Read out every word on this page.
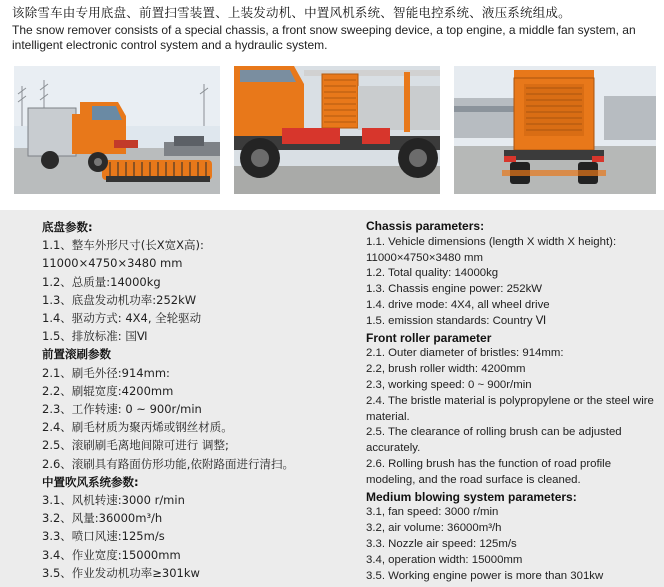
该除雪车由专用底盘、前置扫雪装置、上装发动机、中置风机系统、智能电控系统、液压系统组成。
The snow remover consists of a special chassis, a front snow sweeping device, a top engine, a middle fan system, an intelligent electronic control system and a hydraulic system.
底盘参数:
1.1、整车外形尺寸(长X宽X高):
11000×4750×3480 mm
1.2、总质量:14000kg
1.3、底盘发动机功率:252kW
1.4、驱动方式: 4X4, 全轮驱动
1.5、排放标准: 国Ⅵ
前置滚刷参数
2.1、刷毛外径:914mm:
2.2、刷辊宽度:4200mm
2.3、工作转速: 0 ~ 900r/min
2.4、刷毛材质为聚丙烯或钢丝材质。
2.5、滚刷刷毛离地间隙可进行 调整;
2.6、滚刷具有路面仿形功能,依附路面进行清扫。
中置吹风系统参数:
3.1、风机转速:3000 r/min
3.2、风量:36000m³/h
3.3、喷口风速:125m/s
3.4、作业宽度:15000mm
3.5、作业发动机功率≥301kw
Chassis parameters:
1.1. Vehicle dimensions (length X width X height):
11000×4750×3480 mm
1.2. Total quality: 14000kg
1.3. Chassis engine power: 252kW
1.4. drive mode: 4X4, all wheel drive
1.5. emission standards: Country Ⅵ
Front roller parameter
2.1. Outer diameter of bristles: 914mm:
2.2, brush roller width: 4200mm
2.3, working speed: 0 ~ 900r/min
2.4. The bristle material is polypropylene or the steel wire material.
2.5. The clearance of rolling brush can be adjusted accurately.
2.6. Rolling brush has the function of road profile modeling, and the road surface is cleaned.
Medium blowing system parameters:
3.1, fan speed: 3000 r/min
3.2, air volume: 36000m³/h
3.3. Nozzle air speed: 125m/s
3.4, operation width: 15000mm
3.5. Working engine power is more than 301kw
